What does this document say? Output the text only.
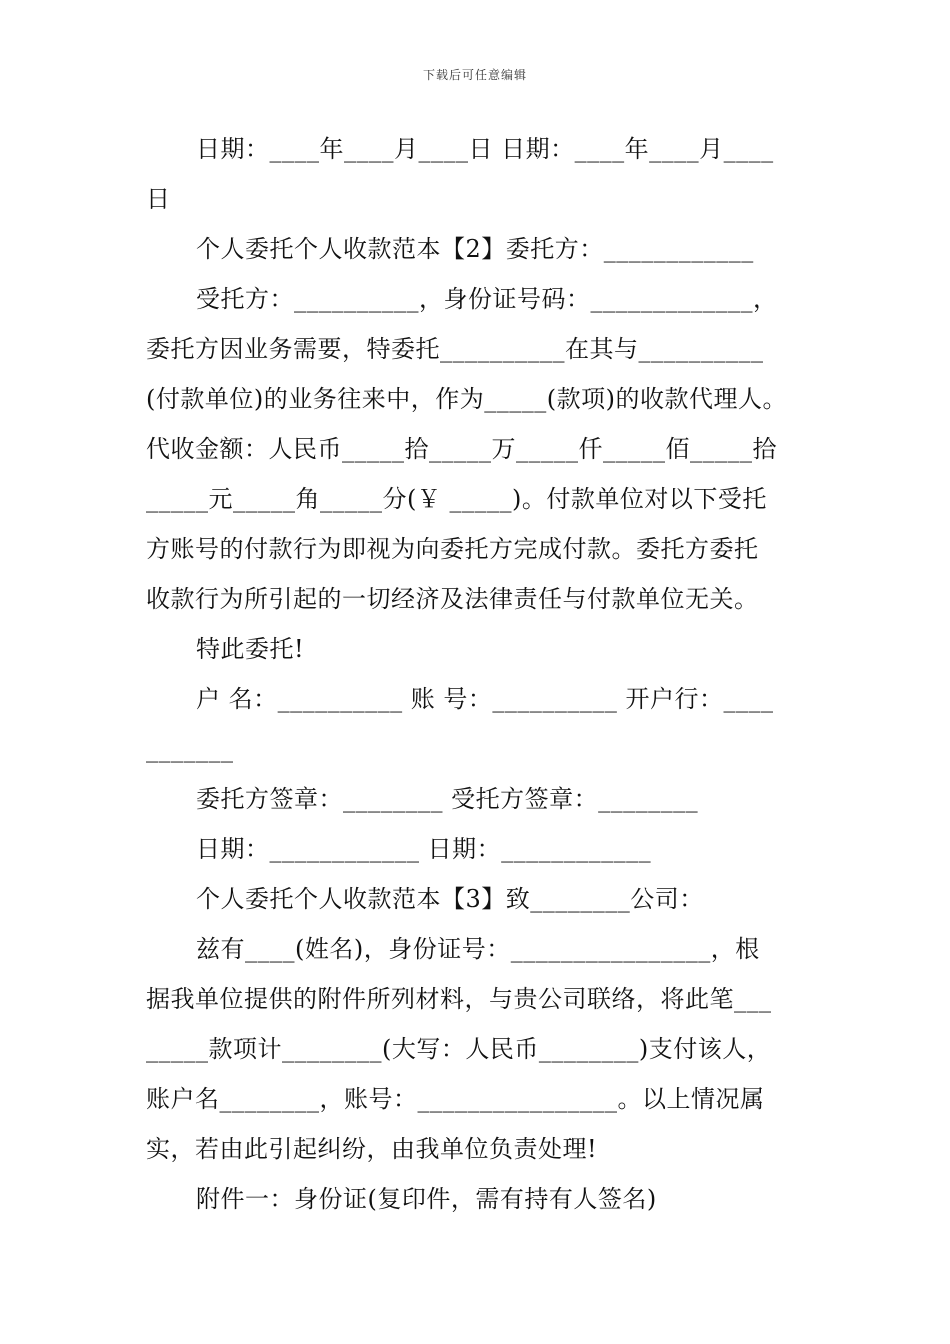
下载后可任意编辑
日期：____年____月____日 日期：____年____月____
日
个人委托个人收款范本【2】委托方：____________
受托方：__________，身份证号码：_____________，
委托方因业务需要，特委托__________在其与__________
(付款单位)的业务往来中，作为_____(款项)的收款代理人。
代收金额：人民币_____拾_____万_____仟_____佰_____拾
_____元_____角_____分(￥ _____)。付款单位对以下受托
方账号的付款行为即视为向委托方完成付款。委托方委托
收款行为所引起的一切经济及法律责任与付款单位无关。
特此委托!
户 名：__________ 账 号：__________ 开户行：____
_______
委托方签章：________ 受托方签章：________
日期：____________ 日期：____________
个人委托个人收款范本【3】致________公司：
兹有____(姓名)，身份证号：________________，根
据我单位提供的附件所列材料，与贵公司联络，将此笔___
_____款项计________(大写：人民币________)支付该人，
账户名________，账号：________________。以上情况属
实，若由此引起纠纷，由我单位负责处理!
附件一：身份证(复印件，需有持有人签名)
